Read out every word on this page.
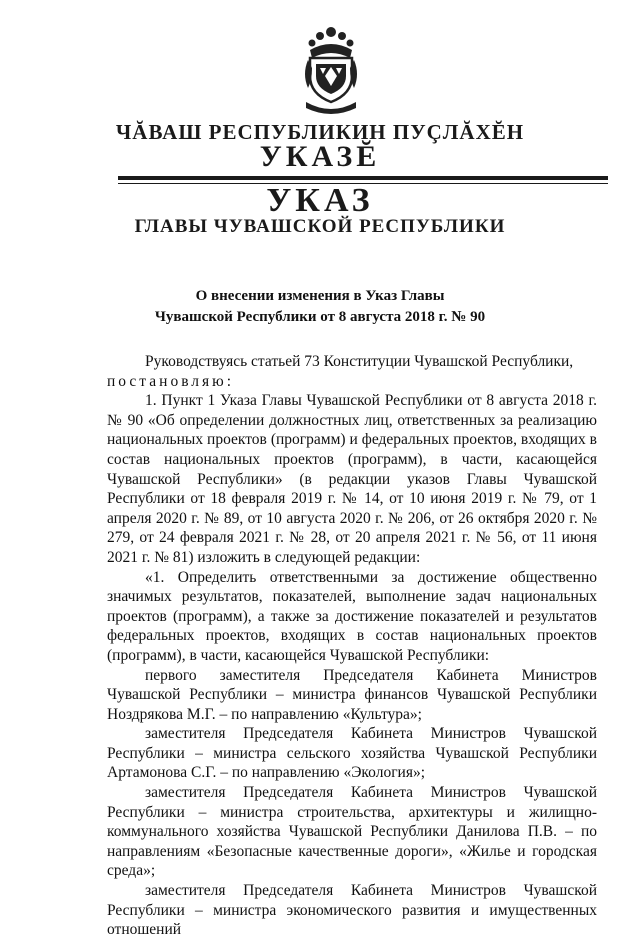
ЧĂВАШ РЕСПУБЛИКИН ПУÇЛĂХĔН
УКАЗĔ
УКАЗ
ГЛАВЫ ЧУВАШСКОЙ РЕСПУБЛИКИ
О внесении изменения в Указ Главы
Чувашской Республики от 8 августа 2018 г. № 90

Руководствуясь статьей 73 Конституции Чувашской Республики,

постановляю:

1. Пункт 1 Указа Главы Чувашской Республики от 8 августа 2018 г. № 90 «Об определении должностных лиц, ответственных за реализацию национальных проектов (программ) и федеральных проектов, входящих в состав национальных проектов (программ), в части, касающейся Чувашской Республики» (в редакции указов Главы Чувашской Республики от 18 февраля 2019 г. № 14, от 10 июня 2019 г. № 79, от 1 апреля 2020 г. № 89, от 10 августа 2020 г. № 206, от 26 октября 2020 г. № 279, от 24 февраля 2021 г. № 28, от 20 апреля 2021 г. № 56, от 11 июня 2021 г. № 81) изложить в следующей редакции:

«1. Определить ответственными за достижение общественно значимых результатов, показателей, выполнение задач национальных проектов (программ), а также за достижение показателей и результатов федеральных проектов, входящих в состав национальных проектов (программ), в части, касающейся Чувашской Республики:

первого заместителя Председателя Кабинета Министров Чувашской Республики – министра финансов Чувашской Республики Ноздрякова М.Г. – по направлению «Культура»;

заместителя Председателя Кабинета Министров Чувашской Республики – министра сельского хозяйства Чувашской Республики Артамонова С.Г. – по направлению «Экология»;

заместителя Председателя Кабинета Министров Чувашской Республики – министра строительства, архитектуры и жилищно-коммунального хозяйства Чувашской Республики Данилова П.В. – по направлениям «Безопасные качественные дороги», «Жилье и городская среда»;

заместителя Председателя Кабинета Министров Чувашской Республики – министра экономического развития и имущественных отношений
